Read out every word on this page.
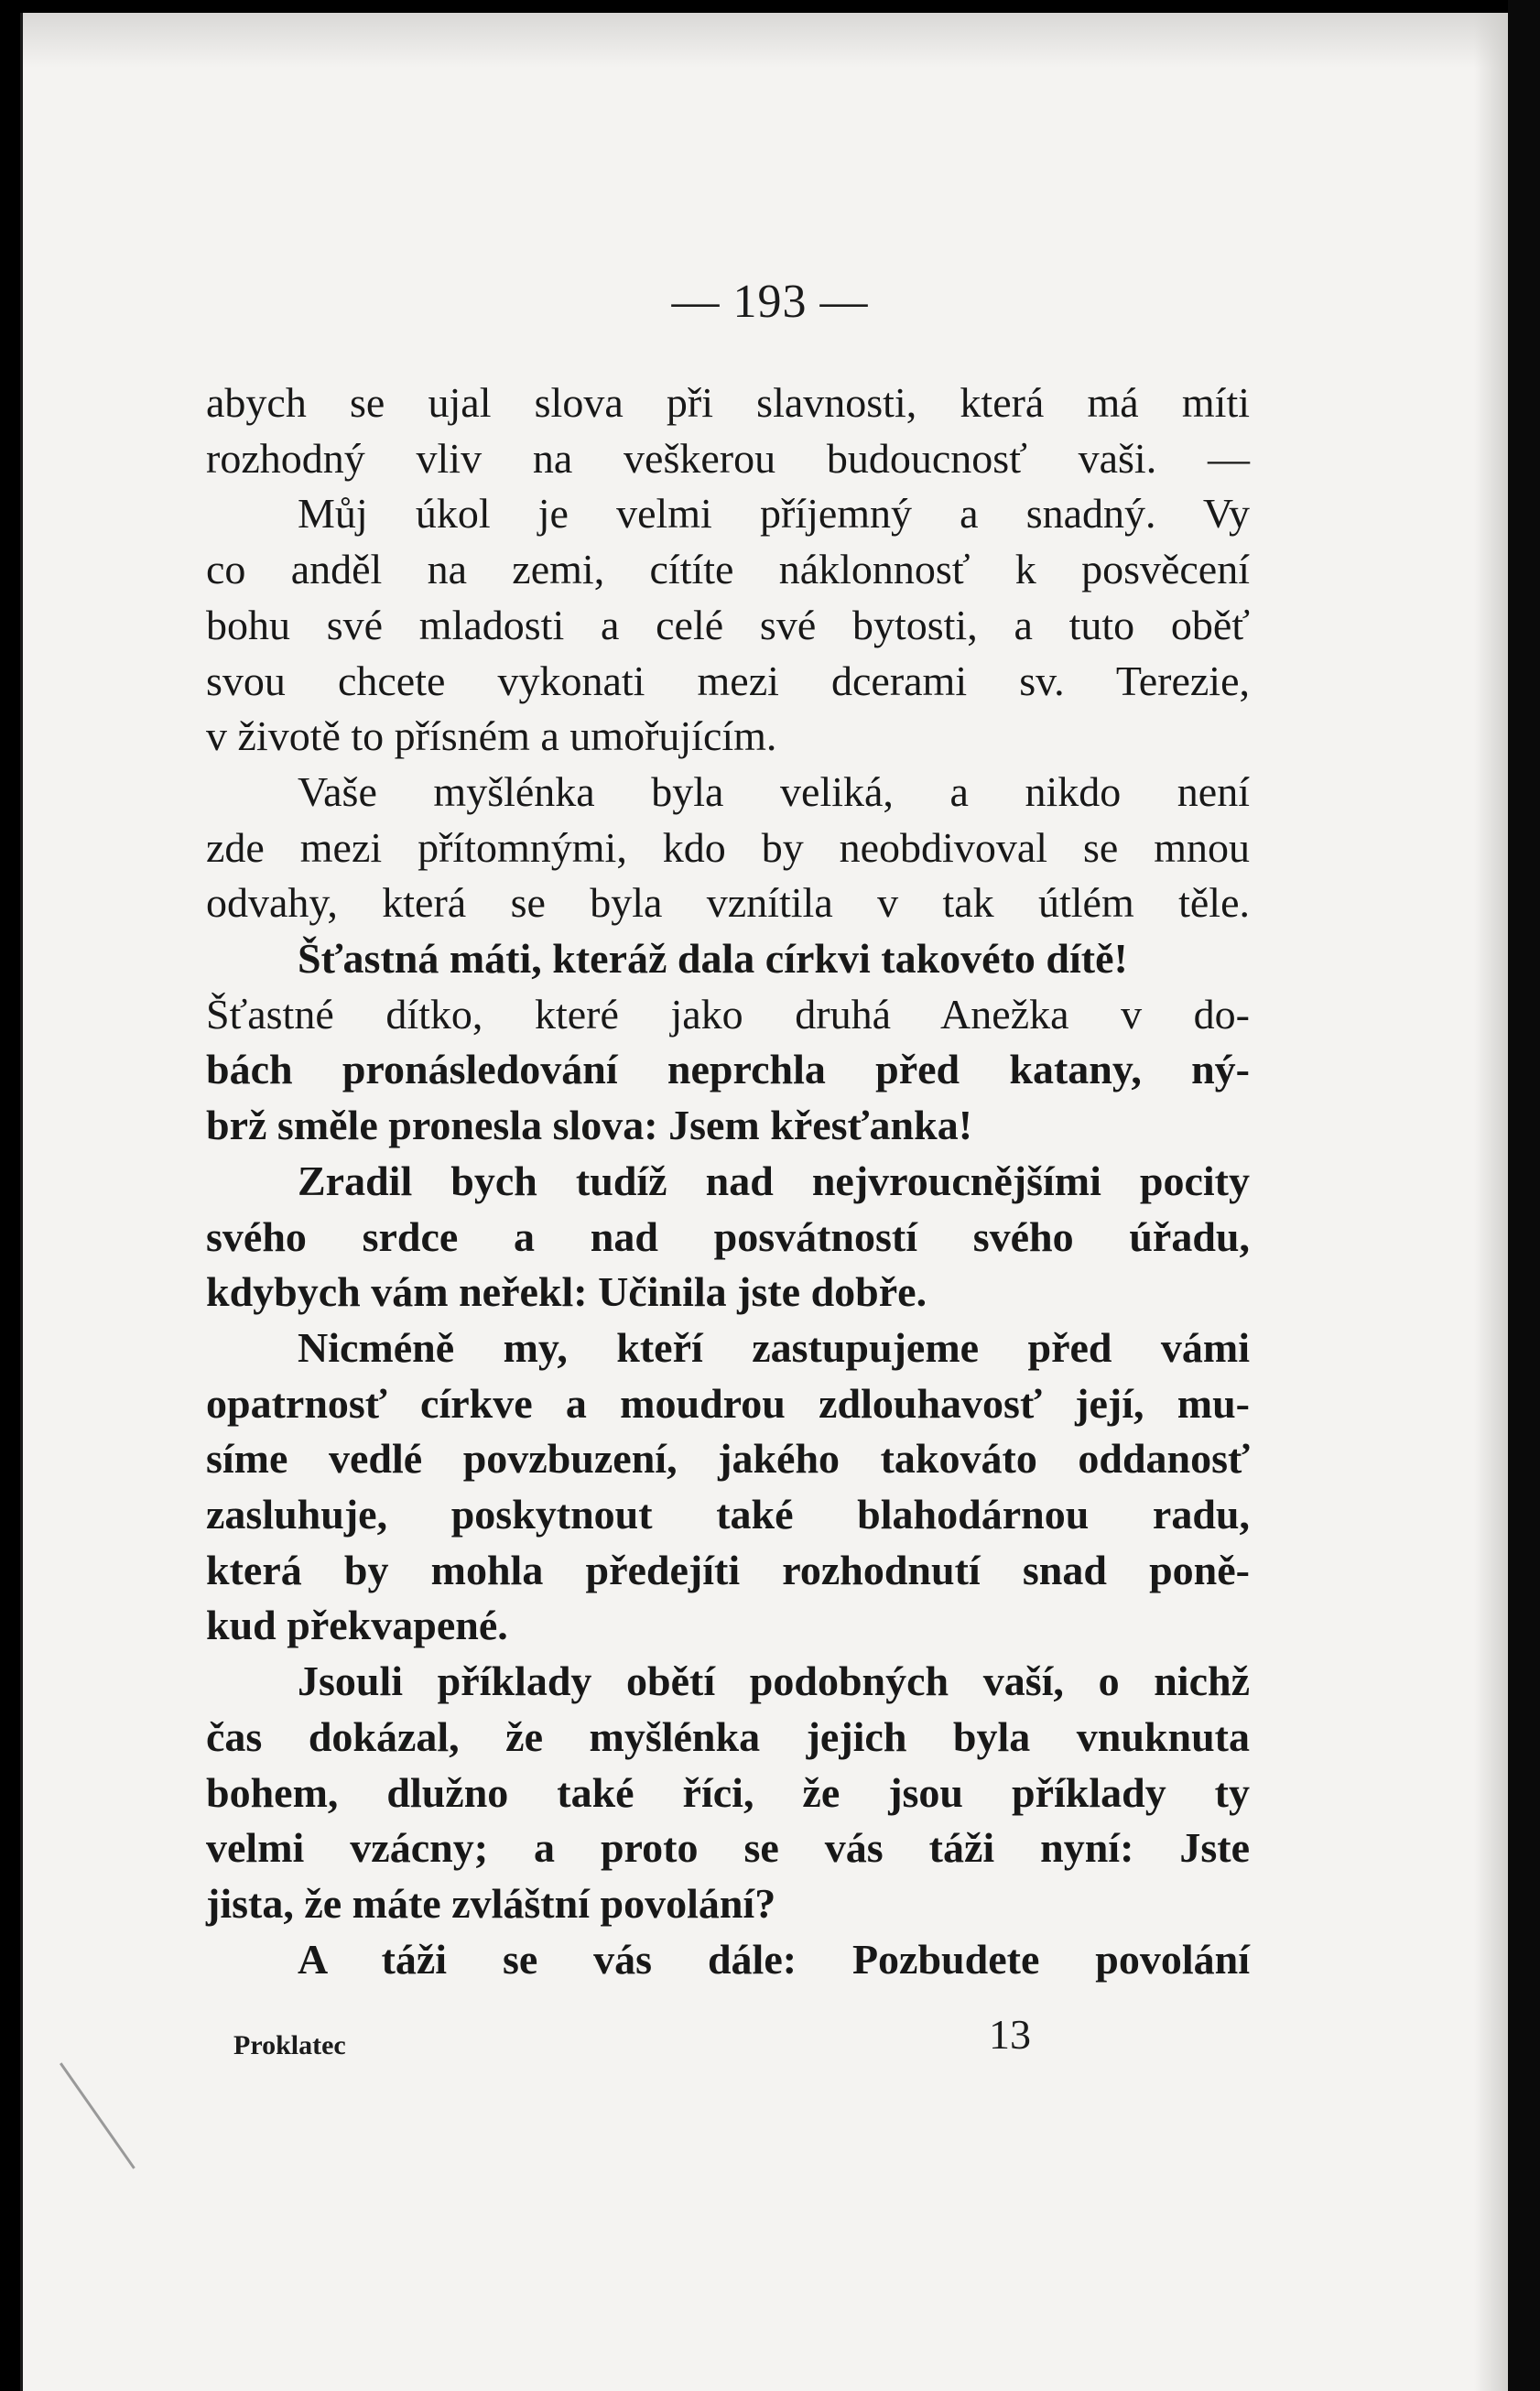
— 193 —
abych se ujal slova při slavnosti, která má míti
rozhodný vliv na veškerou budoucnosť vaši. —
Můj úkol je velmi příjemný a snadný. Vy
co anděl na zemi, cítíte náklonnosť k posvěcení
bohu své mladosti a celé své bytosti, a tuto oběť
svou chcete vykonati mezi dcerami sv. Terezie,
v životě to přísném a umořujícím.
Vaše myšlénka byla veliká, a nikdo není
zde mezi přítomnými, kdo by neobdivoval se mnou
odvahy, která se byla vznítila v tak útlém těle.
Šťastná máti, kteráž dala církvi takovéto dítě!
Šťastné dítko, které jako druhá Anežka v do-
bách pronásledování neprchla před katany, ný-
brž směle pronesla slova: Jsem křesťanka!
Zradil bych tudíž nad nejvroucnějšími pocity
svého srdce a nad posvátností svého úřadu,
kdybych vám neřekl: Učinila jste dobře.
Nicméně my, kteří zastupujeme před vámi
opatrnosť církve a moudrou zdlouhavosť její, mu-
síme vedlé povzbuzení, jakého takováto oddanosť
zasluhuje, poskytnout také blahodárnou radu,
která by mohla předejíti rozhodnutí snad poně-
kud překvapené.
Jsouli příklady obětí podobných vaší, o nichž
čas dokázal, že myšlénka jejich byla vnuknuta
bohem, dlužno také říci, že jsou příklady ty
velmi vzácny; a proto se vás táži nyní: Jste
jista, že máte zvláštní povolání?
A táži se vás dále: Pozbudete povolání
Proklatec	13
